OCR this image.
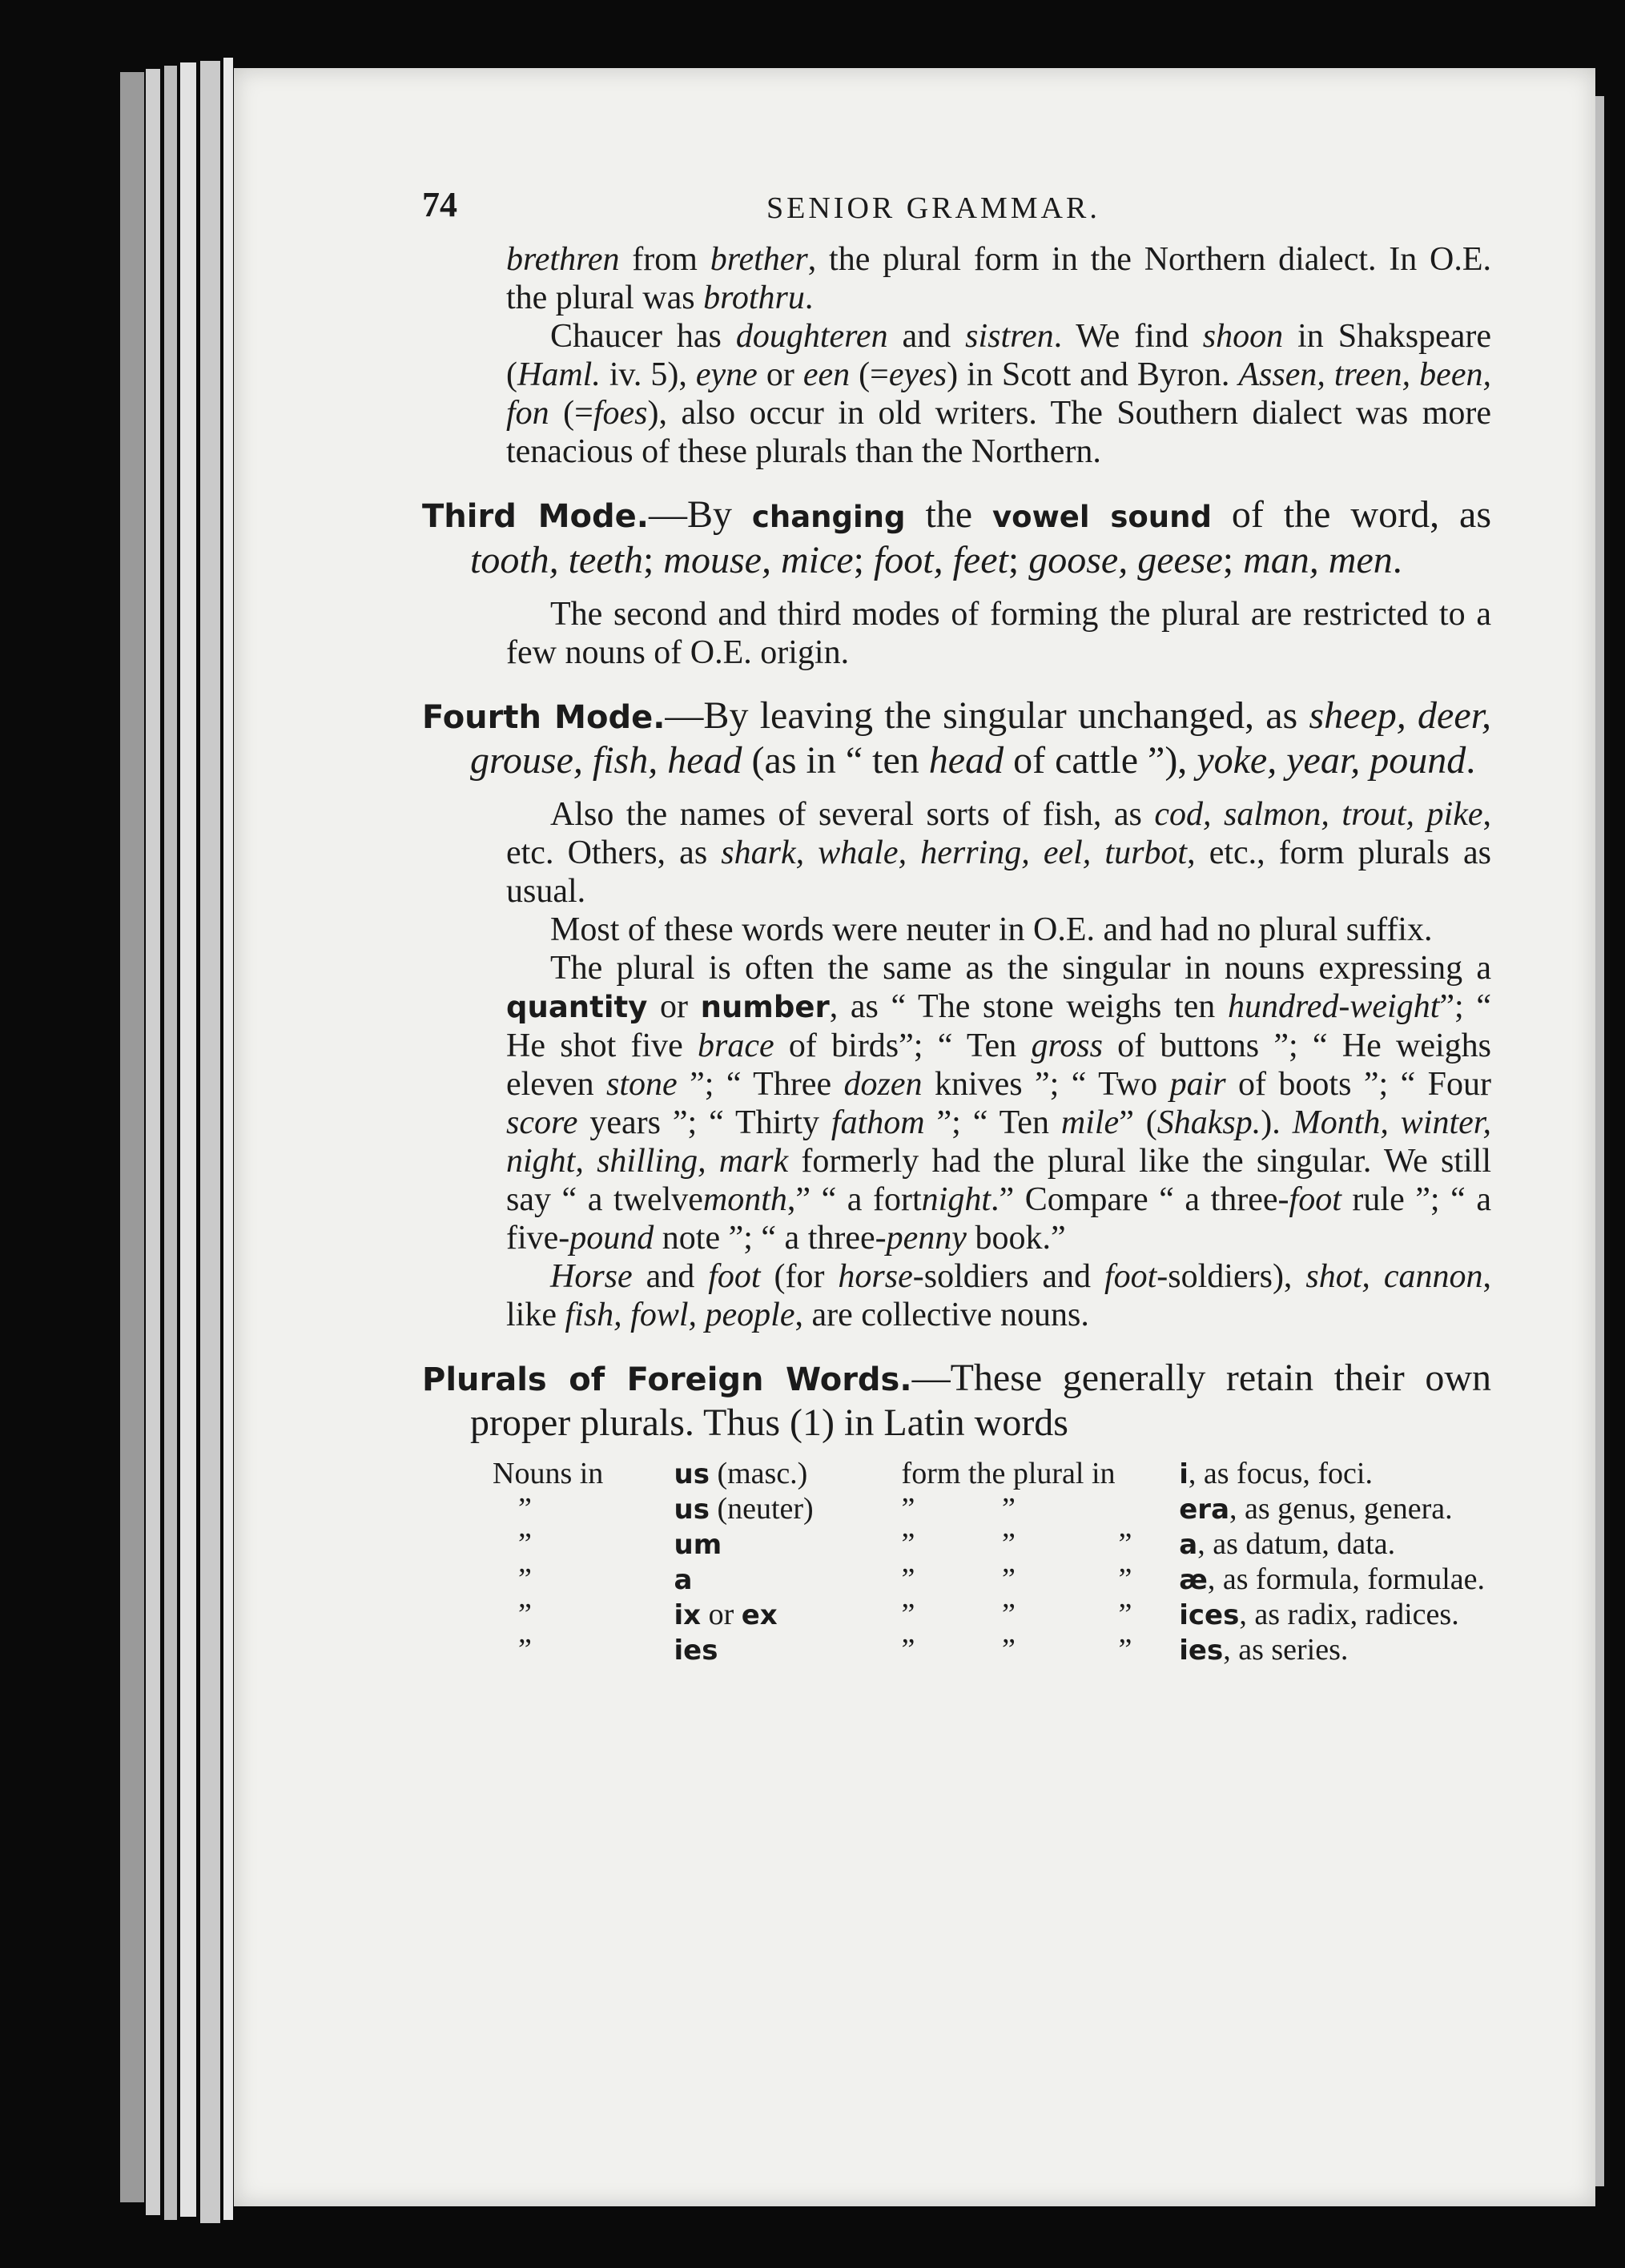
74	SENIOR GRAMMAR.

brethren from brether, the plural form in the Northern dialect. In O.E. the plural was brothru.

Chaucer has doughteren and sistren. We find shoon in Shakspeare (Haml. iv. 5), eyne or een (=eyes) in Scott and Byron. Assen, treen, been, fon (=foes), also occur in old writers. The Southern dialect was more tenacious of these plurals than the Northern.

Third Mode.—By changing the vowel sound of the word, as tooth, teeth; mouse, mice; foot, feet; goose, geese; man, men.

The second and third modes of forming the plural are restricted to a few nouns of O.E. origin.

Fourth Mode.—By leaving the singular unchanged, as sheep, deer, grouse, fish, head (as in “ ten head of cattle ”), yoke, year, pound.

Also the names of several sorts of fish, as cod, salmon, trout, pike, etc. Others, as shark, whale, herring, eel, turbot, etc., form plurals as usual.

Most of these words were neuter in O.E. and had no plural suffix.

The plural is often the same as the singular in nouns expressing a quantity or number, as “ The stone weighs ten hundred-weight”; “ He shot five brace of birds”; “ Ten gross of buttons ”; “ He weighs eleven stone ”; “ Three dozen knives ”; “ Two pair of boots ”; “ Four score years ”; “ Thirty fathom ”; “ Ten mile” (Shaksp.). Month, winter, night, shilling, mark formerly had the plural like the singular. We still say “ a twelvemonth,” “ a fortnight.” Compare “ a three-foot rule ”; “ a five-pound note ”; “ a three-penny book.”

Horse and foot (for horse-soldiers and foot-soldiers), shot, cannon, like fish, fowl, people, are collective nouns.

Plurals of Foreign Words.—These generally retain their own proper plurals. Thus (1) in Latin words

Nouns in	us (masc.)	form the plural in			i, as focus, foci.
”	us (neuter)	”	”		era, as genus, genera.
”	um	”	”	”	a, as datum, data.
”	a	”	”	”	æ, as formula, formulae.
”	ix or ex	”	”	”	ices, as radix, radices.
”	ies	”	”	”	ies, as series.
